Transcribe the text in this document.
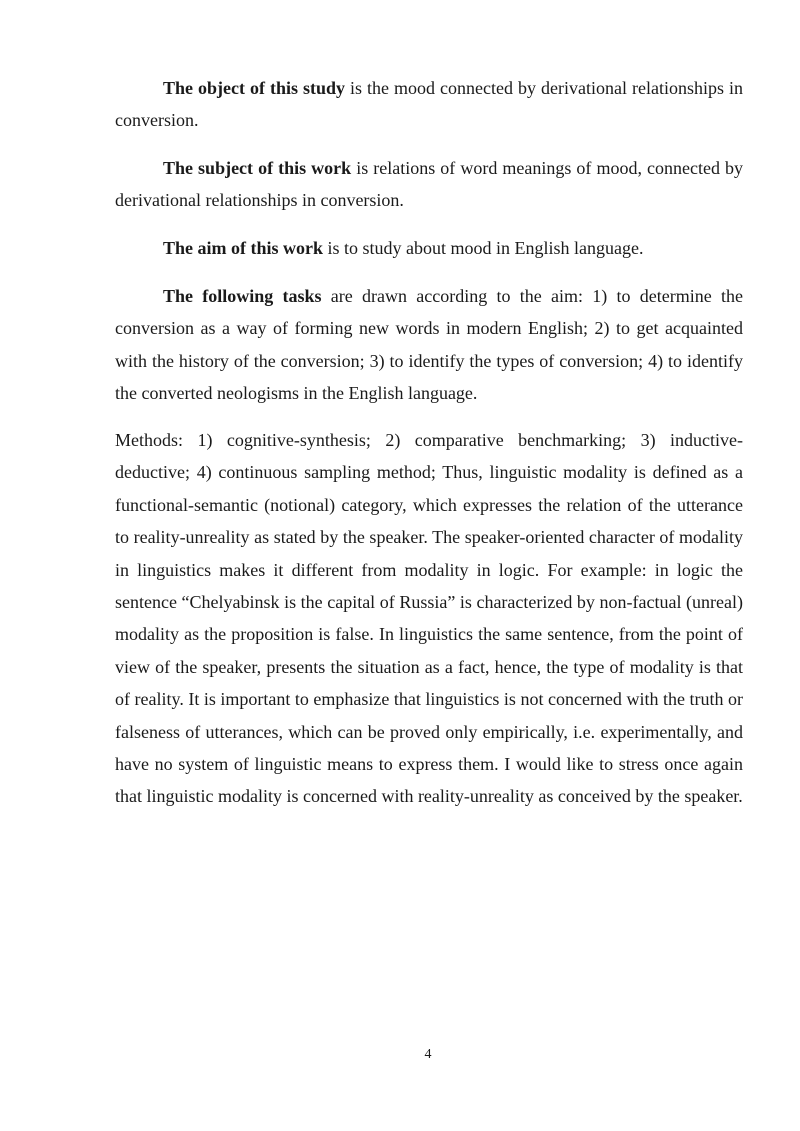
The object of this study is the mood connected by derivational relationships in conversion.

The subject of this work is relations of word meanings of mood, connected by derivational relationships in conversion.

The aim of this work is to study about mood in English language.

The following tasks are drawn according to the aim: 1) to determine the conversion as a way of forming new words in modern English; 2) to get acquainted with the history of the conversion; 3) to identify the types of conversion; 4) to identify the converted neologisms in the English language.

Methods: 1) cognitive-synthesis; 2) comparative benchmarking; 3) inductive-deductive; 4) continuous sampling method; Thus, linguistic modality is defined as a functional-semantic (notional) category, which expresses the relation of the utterance to reality-unreality as stated by the speaker. The speaker-oriented character of modality in linguistics makes it different from modality in logic. For example: in logic the sentence “Chelyabinsk is the capital of Russia” is characterized by non-factual (unreal) modality as the proposition is false. In linguistics the same sentence, from the point of view of the speaker, presents the situation as a fact, hence, the type of modality is that of reality. It is important to emphasize that linguistics is not concerned with the truth or falseness of utterances, which can be proved only empirically, i.e. experimentally, and have no system of linguistic means to express them. I would like to stress once again that linguistic modality is concerned with reality-unreality as conceived by the speaker.

4
